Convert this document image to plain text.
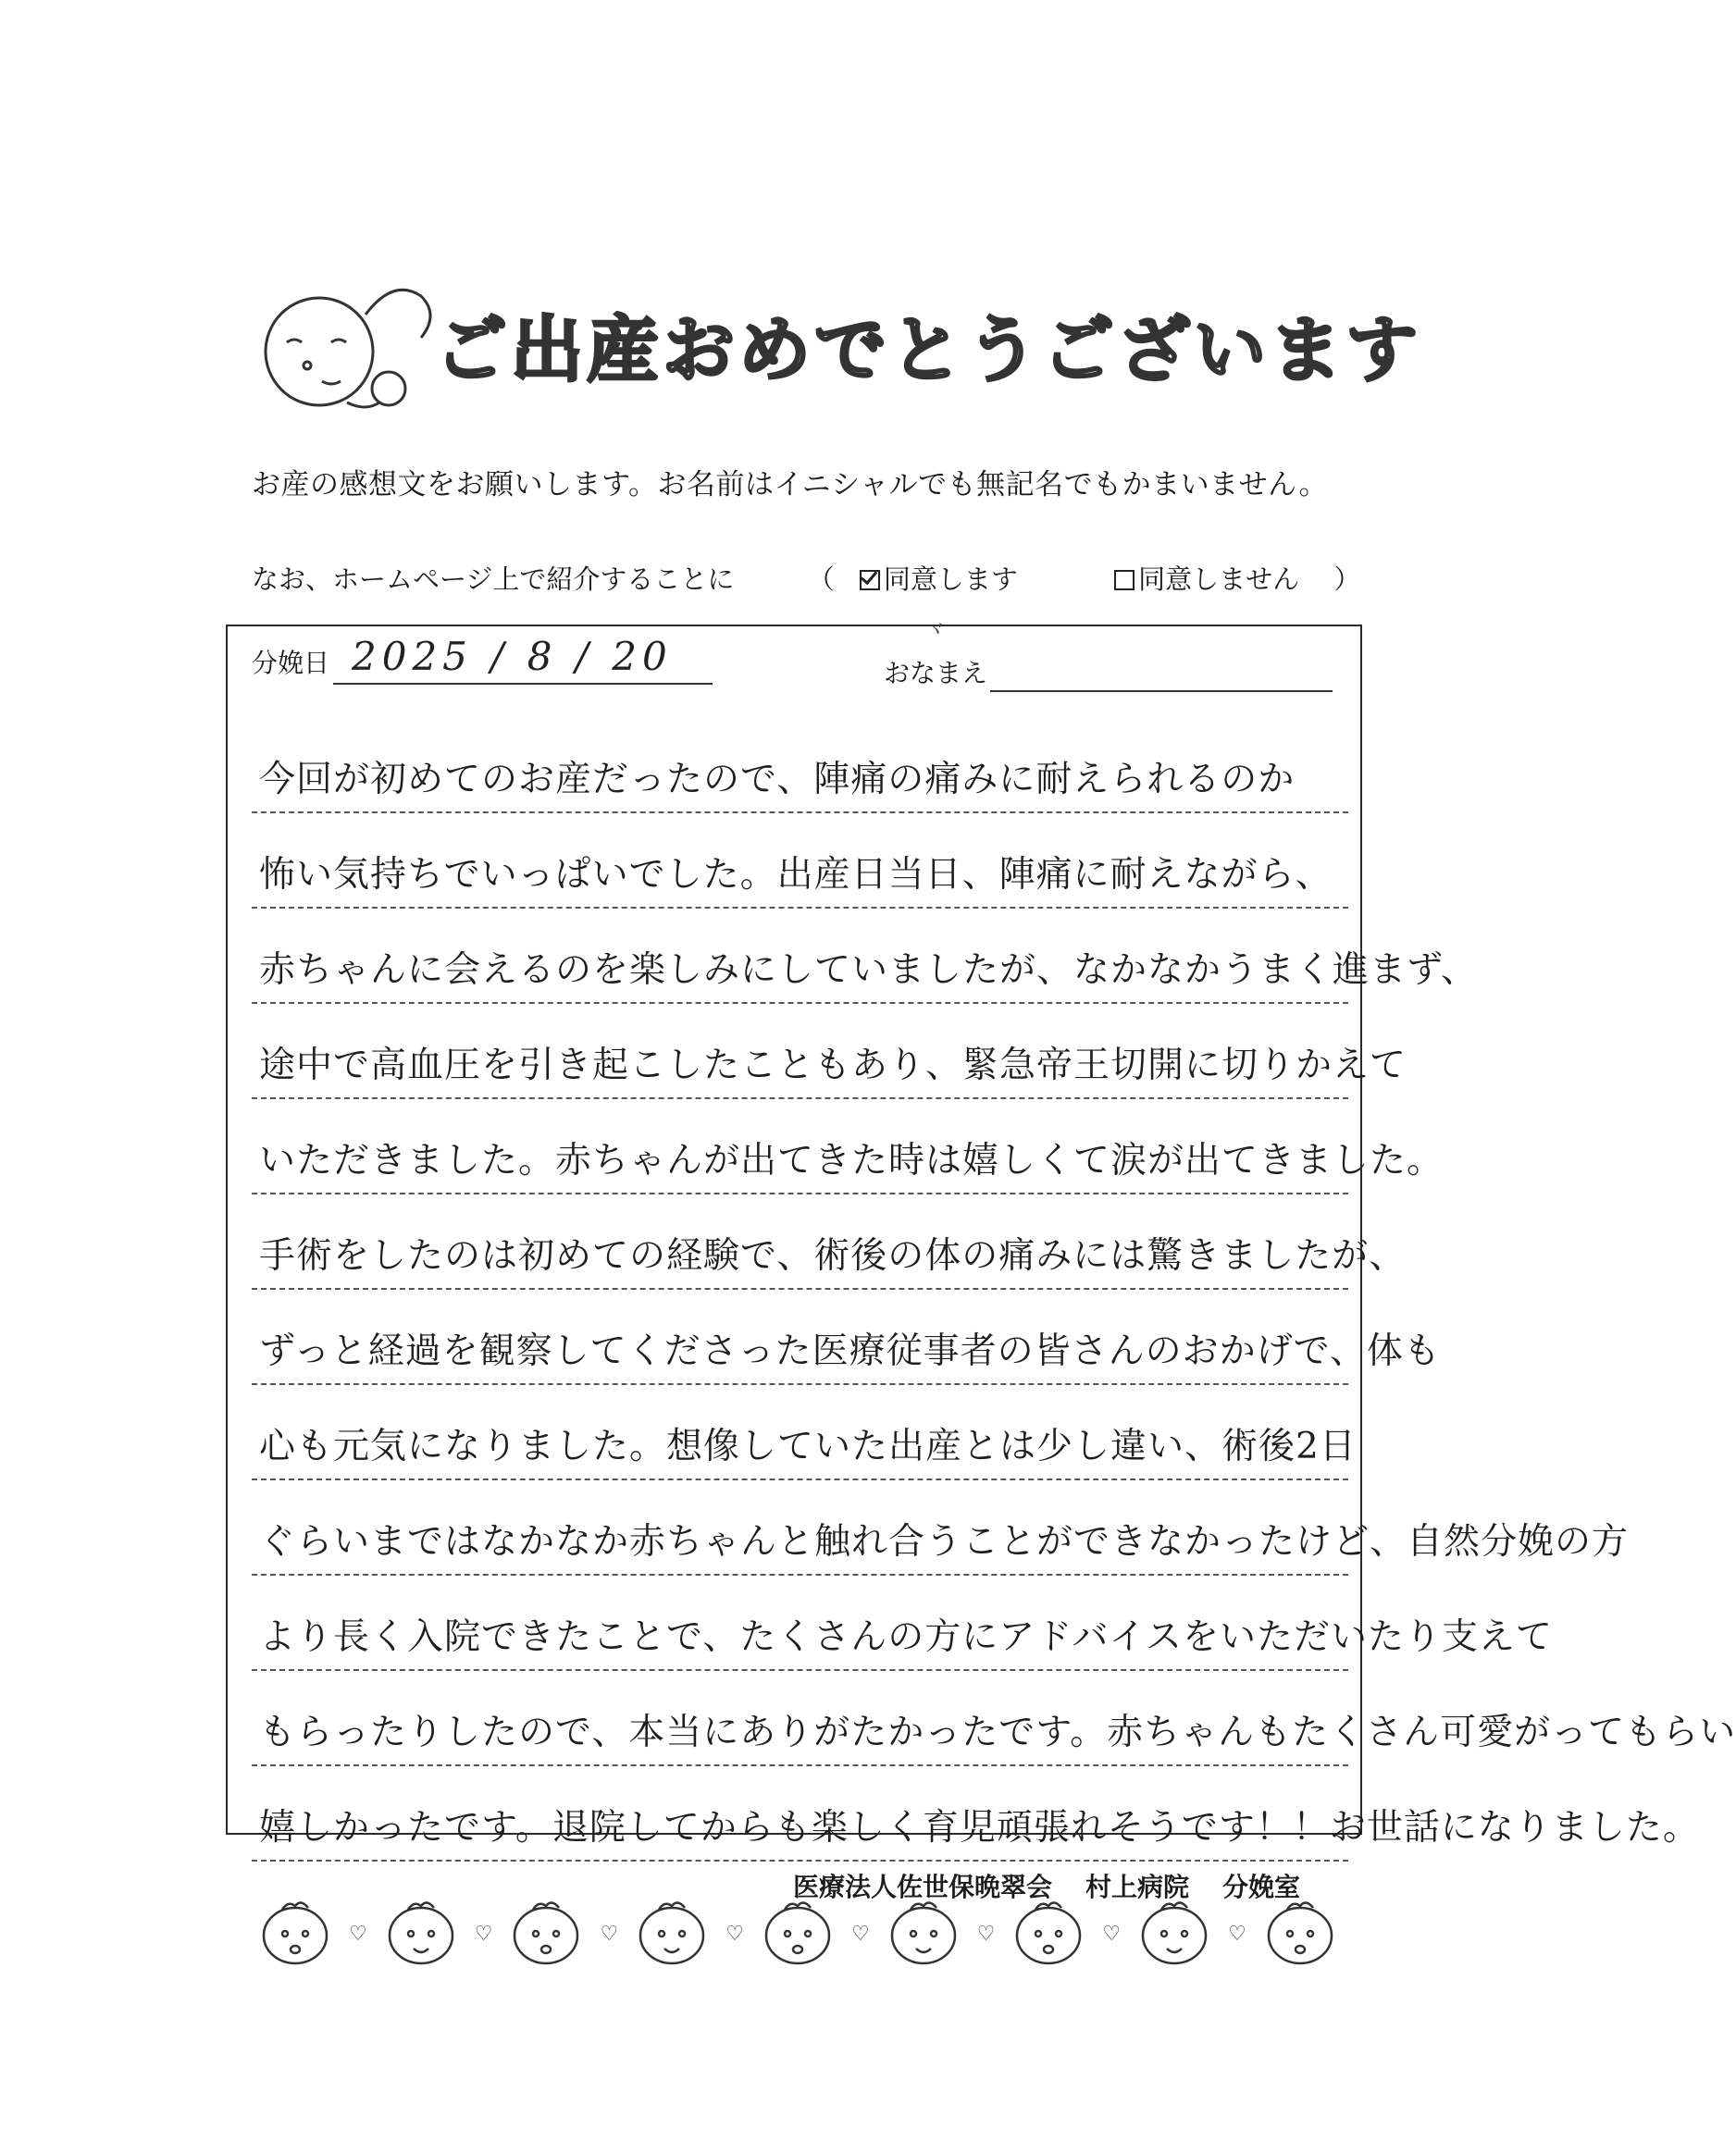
ご出産おめでとうございます
お産の感想文をお願いします。お名前はイニシャルでも無記名でもかまいません。
なお、ホームページ上で紹介することに	（ 同意します	同意しません ）
分娩日 2025 / 8 / 20
ヾ
おなまえ
今回が初めてのお産だったので、陣痛の痛みに耐えられるのか
怖い気持ちでいっぱいでした。出産日当日、陣痛に耐えながら、
赤ちゃんに会えるのを楽しみにしていましたが、なかなかうまく進まず、
途中で高血圧を引き起こしたこともあり、緊急帝王切開に切りかえて
いただきました。赤ちゃんが出てきた時は嬉しくて涙が出てきました。
手術をしたのは初めての経験で、術後の体の痛みには驚きましたが、
ずっと経過を観察してくださった医療従事者の皆さんのおかげで、体も
心も元気になりました。想像していた出産とは少し違い、術後2日
ぐらいまではなかなか赤ちゃんと触れ合うことができなかったけど、自然分娩の方
より長く入院できたことで、たくさんの方にアドバイスをいただいたり支えて
もらったりしたので、本当にありがたかったです。赤ちゃんもたくさん可愛がってもらい
嬉しかったです。退院してからも楽しく育児頑張れそうです！！お世話になりました。
医療法人佐世保晩翠会 村上病院 分娩室
♡	♡	♡	♡	♡	♡	♡	♡
